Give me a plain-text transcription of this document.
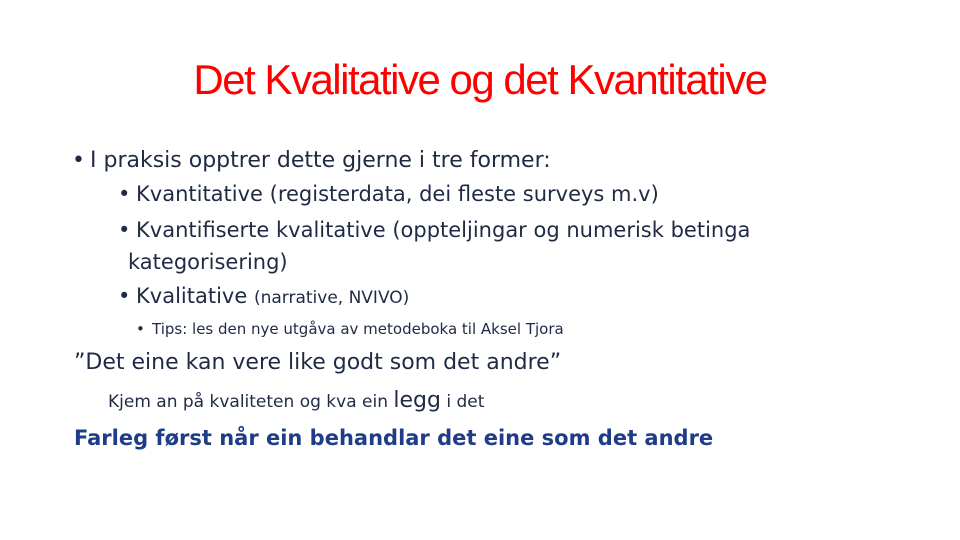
Det Kvalitative og det Kvantitative
• I praksis opptrer dette gjerne i tre former:
• Kvantitative (registerdata, dei fleste surveys m.v)
• Kvantifiserte kvalitative (oppteljingar og numerisk betinga
kategorisering)
• Kvalitative (narrative, NVIVO)
• Tips: les den nye utgåva av metodeboka til Aksel Tjora
”Det eine kan vere like godt som det andre”
Kjem an på kvaliteten og kva ein legg i det
Farleg først når ein behandlar det eine som det andre
